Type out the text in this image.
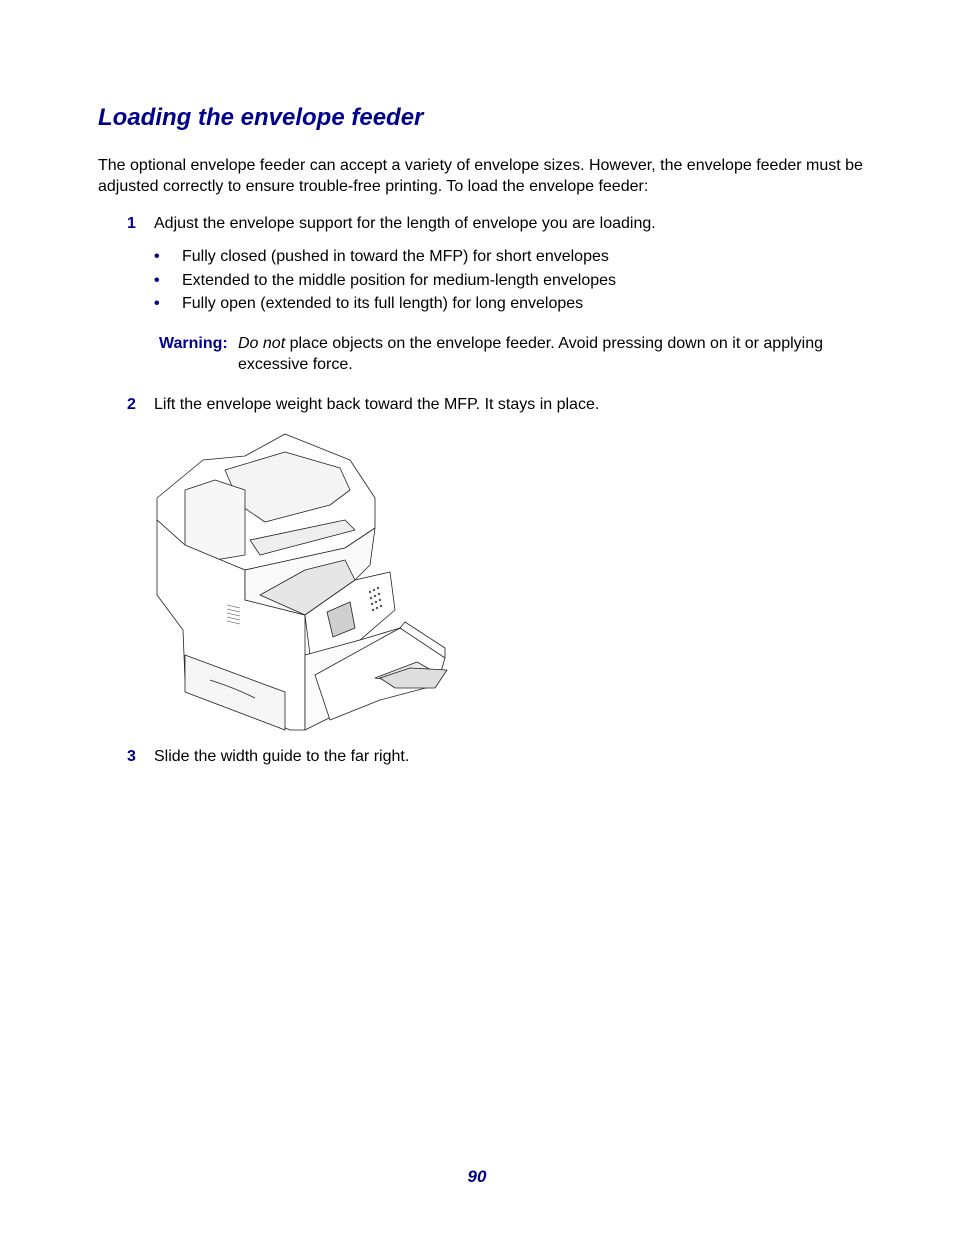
Loading the envelope feeder

The optional envelope feeder can accept a variety of envelope sizes. However, the envelope feeder must be adjusted correctly to ensure trouble-free printing. To load the envelope feeder:

1 Adjust the envelope support for the length of envelope you are loading.
• Fully closed (pushed in toward the MFP) for short envelopes
• Extended to the middle position for medium-length envelopes
• Fully open (extended to its full length) for long envelopes
Warning: Do not place objects on the envelope feeder. Avoid pressing down on it or applying excessive force.
2 Lift the envelope weight back toward the MFP. It stays in place.
3 Slide the width guide to the far right.
90
